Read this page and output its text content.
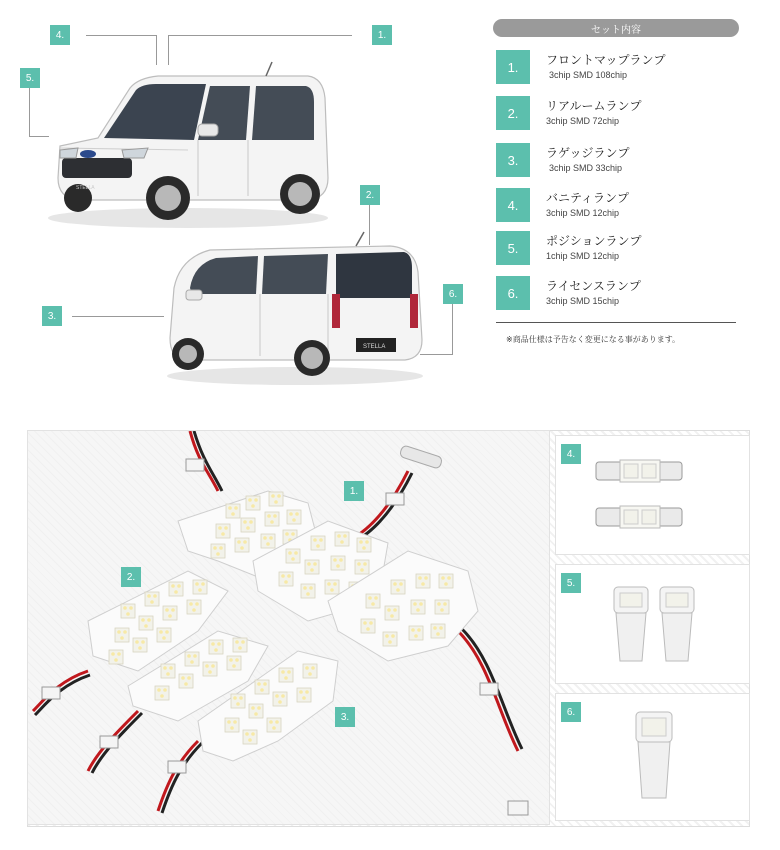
4.	1.
5.
2.
3.
6.
STELLA
STELLA
セット内容
1.	フロントマップランプ
3chip SMD 108chip
2.	リアルームランプ
3chip SMD 72chip
3.	ラゲッジランプ
3chip SMD 33chip
4.	バニティランプ
3chip SMD 12chip
5.	ポジションランプ
1chip SMD 12chip
6.	ライセンスランプ
3chip SMD 15chip
※商品仕様は予告なく変更になる事があります。
1.
2.
3.
4.
5.
6.
